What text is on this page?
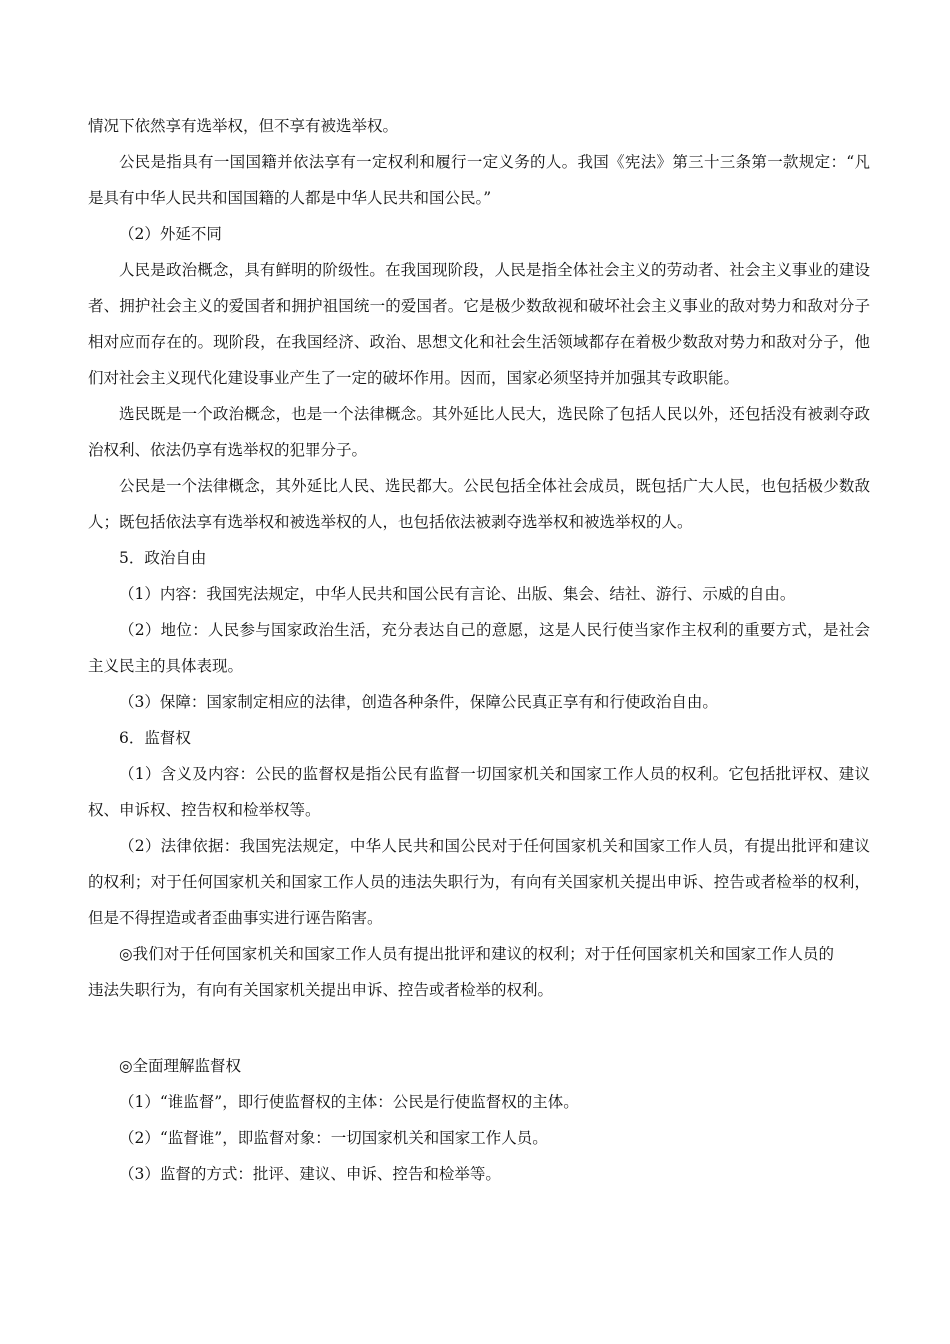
情况下依然享有选举权，但不享有被选举权。

公民是指具有一国国籍并依法享有一定权利和履行一定义务的人。我国《宪法》第三十三条第一款规定：“凡是具有中华人民共和国国籍的人都是中华人民共和国公民。”

（2）外延不同

人民是政治概念，具有鲜明的阶级性。在我国现阶段，人民是指全体社会主义的劳动者、社会主义事业的建设者、拥护社会主义的爱国者和拥护祖国统一的爱国者。它是极少数敌视和破坏社会主义事业的敌对势力和敌对分子相对应而存在的。现阶段，在我国经济、政治、思想文化和社会生活领域都存在着极少数敌对势力和敌对分子，他们对社会主义现代化建设事业产生了一定的破坏作用。因而，国家必须坚持并加强其专政职能。

选民既是一个政治概念，也是一个法律概念。其外延比人民大，选民除了包括人民以外，还包括没有被剥夺政治权利、依法仍享有选举权的犯罪分子。

公民是一个法律概念，其外延比人民、选民都大。公民包括全体社会成员，既包括广大人民，也包括极少数敌人；既包括依法享有选举权和被选举权的人，也包括依法被剥夺选举权和被选举权的人。

5．政治自由

（1）内容：我国宪法规定，中华人民共和国公民有言论、出版、集会、结社、游行、示威的自由。

（2）地位：人民参与国家政治生活，充分表达自己的意愿，这是人民行使当家作主权利的重要方式，是社会主义民主的具体表现。

（3）保障：国家制定相应的法律，创造各种条件，保障公民真正享有和行使政治自由。

6．监督权

（1）含义及内容：公民的监督权是指公民有监督一切国家机关和国家工作人员的权利。它包括批评权、建议权、申诉权、控告权和检举权等。

（2）法律依据：我国宪法规定，中华人民共和国公民对于任何国家机关和国家工作人员，有提出批评和建议的权利；对于任何国家机关和国家工作人员的违法失职行为，有向有关国家机关提出申诉、控告或者检举的权利，但是不得捏造或者歪曲事实进行诬告陷害。

◎我们对于任何国家机关和国家工作人员有提出批评和建议的权利；对于任何国家机关和国家工作人员的违法失职行为，有向有关国家机关提出申诉、控告或者检举的权利。

◎全面理解监督权

（1）“谁监督”，即行使监督权的主体：公民是行使监督权的主体。

（2）“监督谁”，即监督对象：一切国家机关和国家工作人员。

（3）监督的方式：批评、建议、申诉、控告和检举等。
